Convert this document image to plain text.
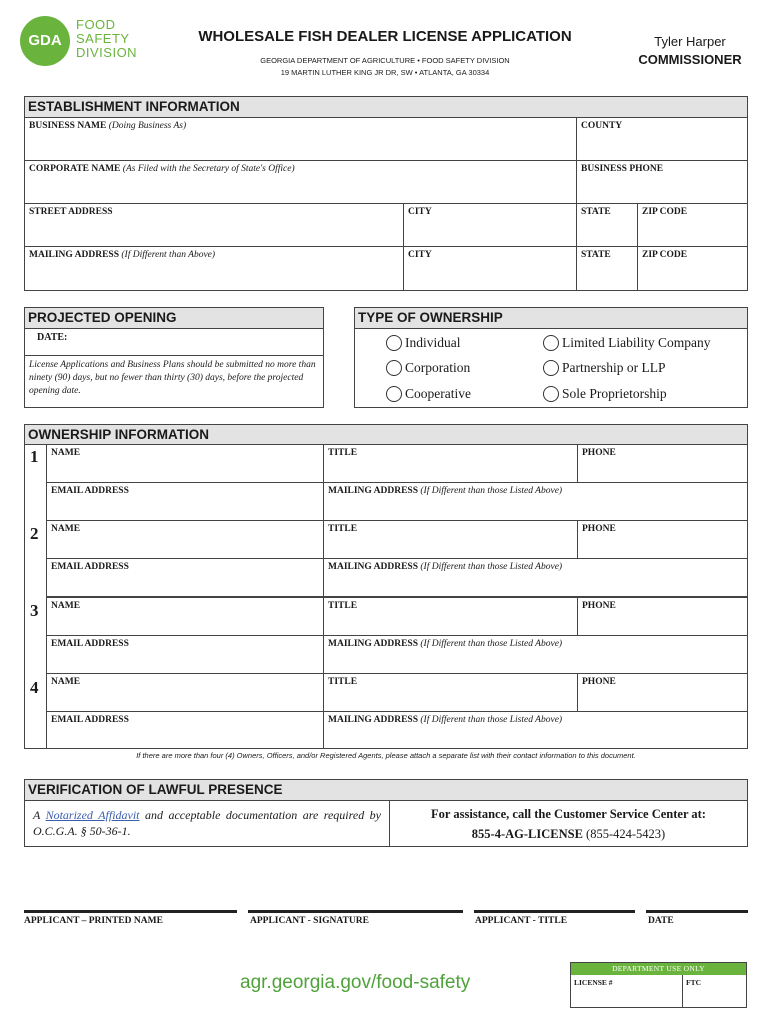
GDA
FOOD SAFETY DIVISION
WHOLESALE FISH DEALER LICENSE APPLICATION
GEORGIA DEPARTMENT OF AGRICULTURE • FOOD SAFETY DIVISION
19 MARTIN LUTHER KING JR DR, SW • ATLANTA, GA 30334
Tyler Harper
COMMISSIONER
ESTABLISHMENT INFORMATION
BUSINESS NAME (Doing Business As)	COUNTY
CORPORATE NAME (As Filed with the Secretary of State's Office)	BUSINESS PHONE
STREET ADDRESS	CITY	STATE	ZIP CODE
MAILING ADDRESS (If Different than Above)	CITY	STATE	ZIP CODE
PROJECTED OPENING
DATE:
License Applications and Business Plans should be submitted no more than ninety (90) days, but no fewer than thirty (30) days, before the projected opening date.
TYPE OF OWNERSHIP
Individual
Corporation
Cooperative
Limited Liability Company
Partnership or LLP
Sole Proprietorship
OWNERSHIP INFORMATION
1	NAME	TITLE	PHONE
EMAIL ADDRESS	MAILING ADDRESS (If Different than those Listed Above)
2	NAME	TITLE	PHONE
EMAIL ADDRESS	MAILING ADDRESS (If Different than those Listed Above)
3	NAME	TITLE	PHONE
EMAIL ADDRESS	MAILING ADDRESS (If Different than those Listed Above)
4	NAME	TITLE	PHONE
EMAIL ADDRESS	MAILING ADDRESS (If Different than those Listed Above)
If there are more than four (4) Owners, Officers, and/or Registered Agents, please attach a separate list with their contact information to this document.
VERIFICATION OF LAWFUL PRESENCE
A Notarized Affidavit and acceptable documentation are required by O.C.G.A. § 50-36-1.
For assistance, call the Customer Service Center at:
855-4-AG-LICENSE (855-424-5423)
APPLICANT – PRINTED NAME	APPLICANT - SIGNATURE	APPLICANT - TITLE	DATE
agr.georgia.gov/food-safety
DEPARTMENT USE ONLY
LICENSE #	FTC
